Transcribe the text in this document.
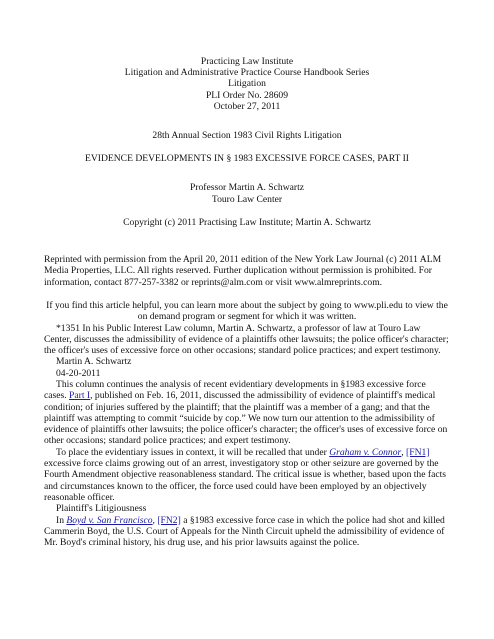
Practicing Law Institute
Litigation and Administrative Practice Course Handbook Series
Litigation
PLI Order No. 28609
October 27, 2011
28th Annual Section 1983 Civil Rights Litigation
EVIDENCE DEVELOPMENTS IN § 1983 EXCESSIVE FORCE CASES, PART II
Professor Martin A. Schwartz
Touro Law Center
Copyright (c) 2011 Practising Law Institute; Martin A. Schwartz

Reprinted with permission from the April 20, 2011 edition of the New York Law Journal (c) 2011 ALM Media Properties, LLC. All rights reserved. Further duplication without permission is prohibited. For information, contact 877-257-3382 or reprints@alm.com or visit www.almreprints.com.

If you find this article helpful, you can learn more about the subject by going to www.pli.edu to view the on demand program or segment for which it was written.

*1351 In his Public Interest Law column, Martin A. Schwartz, a professor of law at Touro Law Center, discusses the admissibility of evidence of a plaintiffs other lawsuits; the police officer's character; the officer's uses of excessive force on other occasions; standard police practices; and expert testimony.

Martin A. Schwartz
04-20-2011

This column continues the analysis of recent evidentiary developments in §1983 excessive force cases. Part I, published on Feb. 16, 2011, discussed the admissibility of evidence of plaintiff's medical condition; of injuries suffered by the plaintiff; that the plaintiff was a member of a gang; and that the plaintiff was attempting to commit “suicide by cop.” We now turn our attention to the admissibility of evidence of plaintiffs other lawsuits; the police officer's character; the officer's uses of excessive force on other occasions; standard police practices; and expert testimony.

To place the evidentiary issues in context, it will be recalled that under Graham v. Connor, [FN1] excessive force claims growing out of an arrest, investigatory stop or other seizure are governed by the Fourth Amendment objective reasonableness standard. The critical issue is whether, based upon the facts and circumstances known to the officer, the force used could have been employed by an objectively reasonable officer.

Plaintiff's Litigiousness

In Boyd v. San Francisco, [FN2] a §1983 excessive force case in which the police had shot and killed Cammerin Boyd, the U.S. Court of Appeals for the Ninth Circuit upheld the admissibility of evidence of Mr. Boyd's criminal history, his drug use, and his prior lawsuits against the police.
